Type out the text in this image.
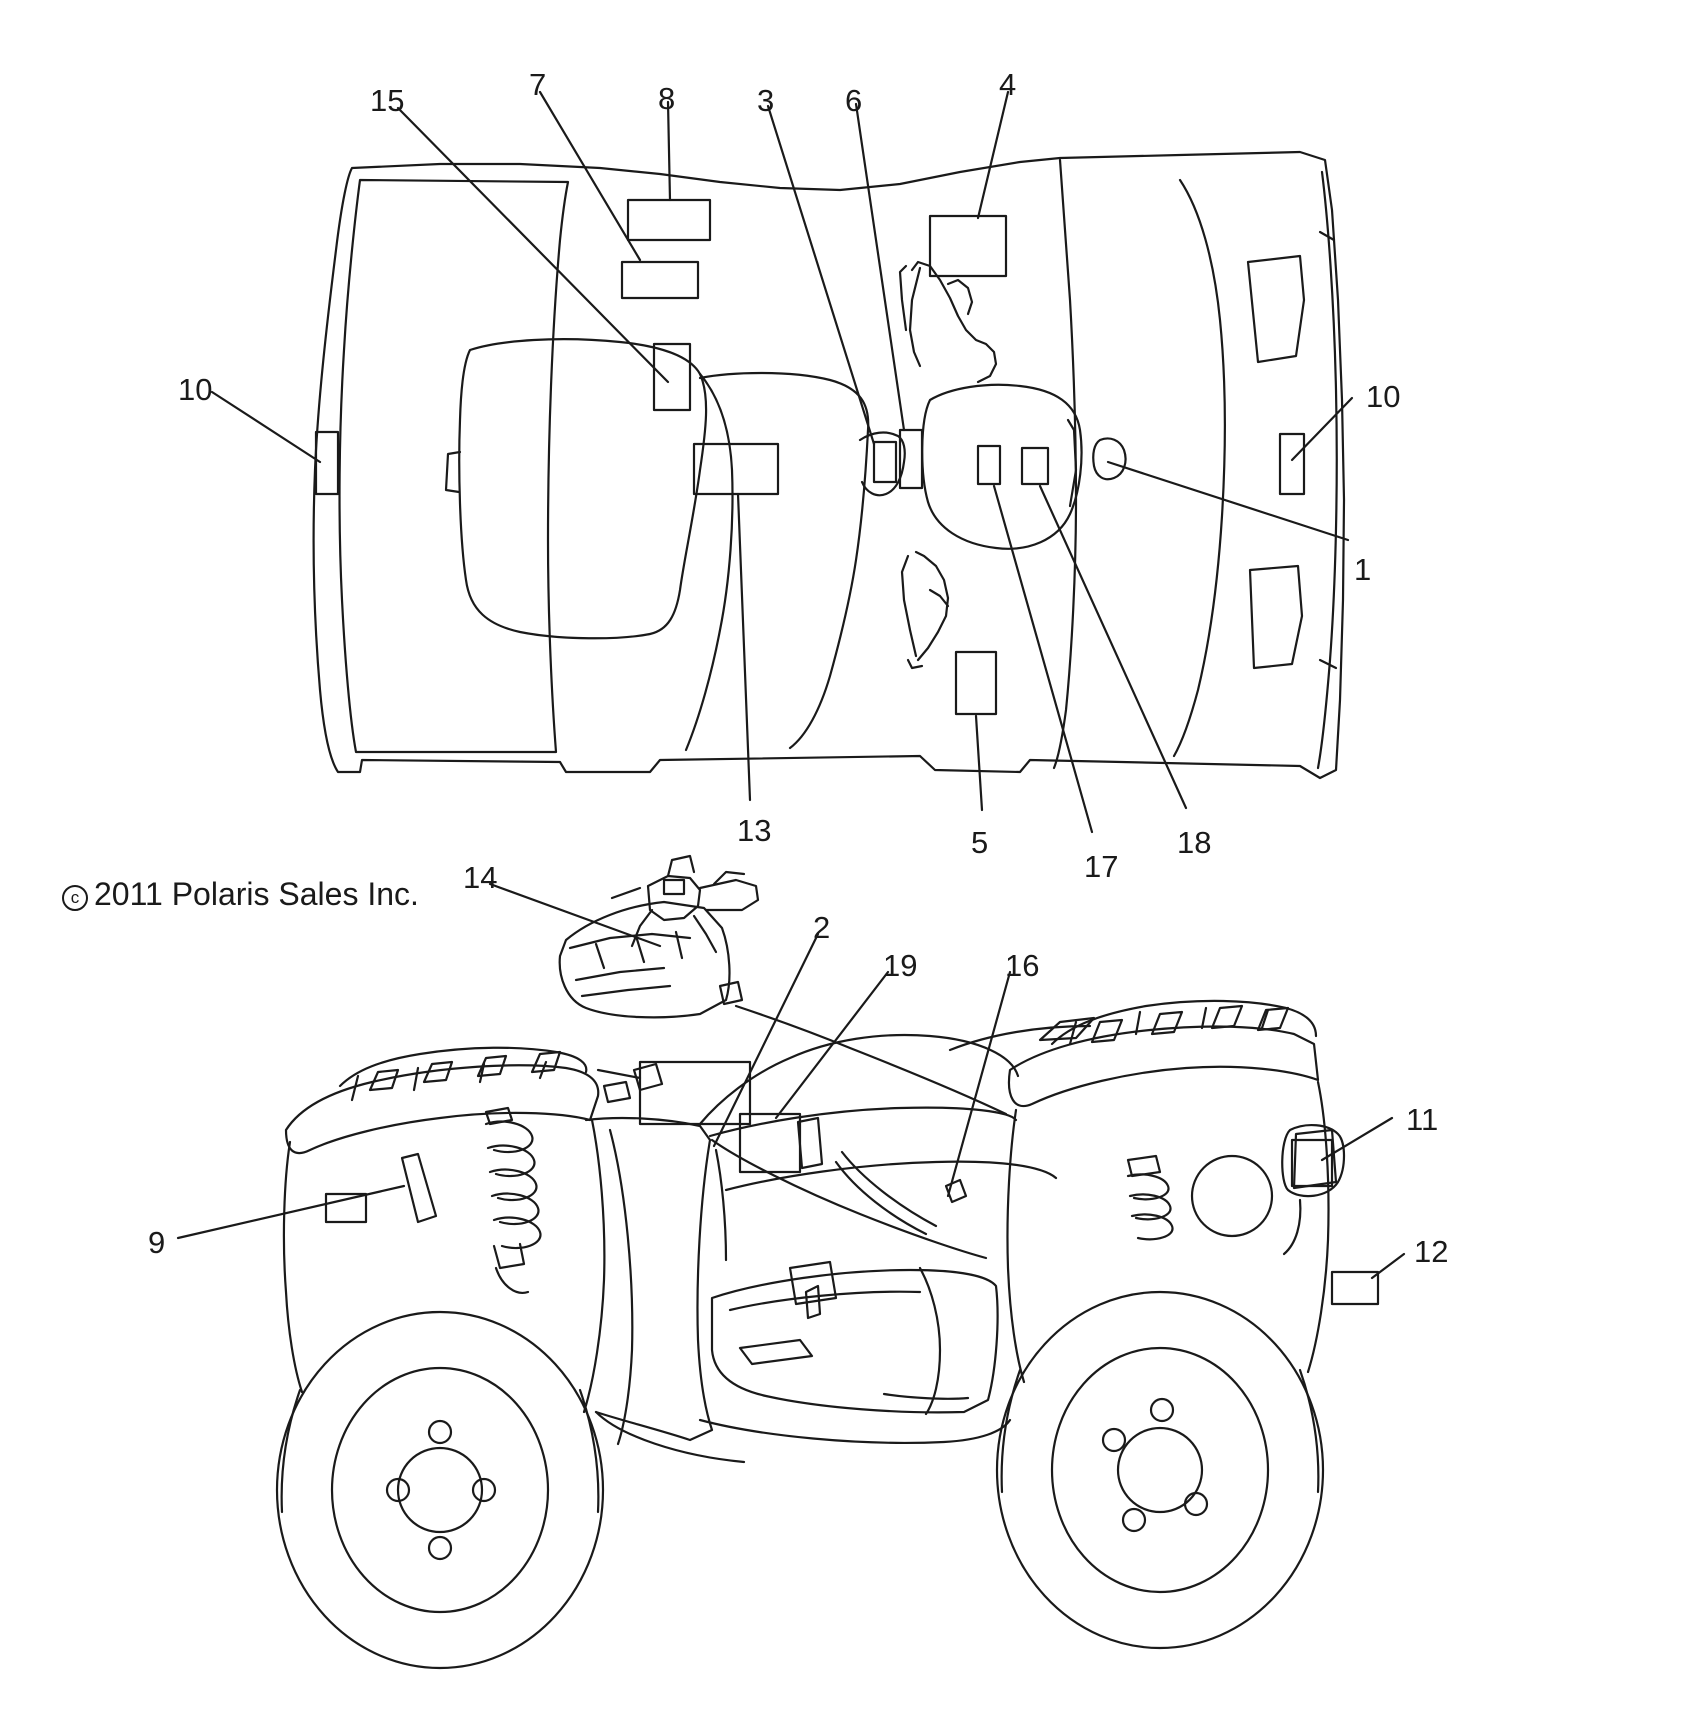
15	7	8	3 6	4
10	10
1
13	5
17
18
14
2
19	16
11
12
9
c 2011 Polaris Sales Inc.
